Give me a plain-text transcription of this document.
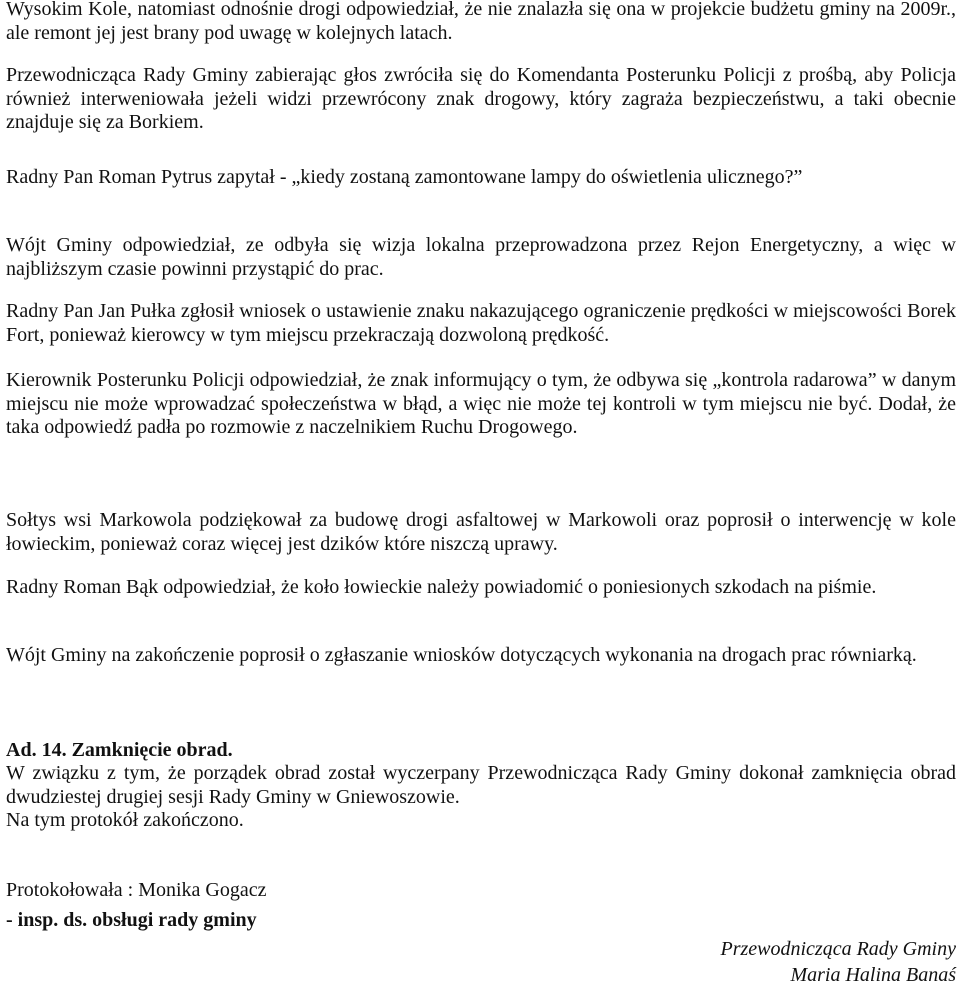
Wysokim Kole, natomiast odnośnie drogi odpowiedział, że nie znalazła się ona w projekcie budżetu gminy na 2009r., ale remont jej jest brany pod uwagę w kolejnych latach.

Przewodnicząca Rady Gminy zabierając głos zwróciła się do Komendanta Posterunku Policji z prośbą, aby Policja również interweniowała jeżeli widzi przewrócony znak drogowy, który zagraża bezpieczeństwu, a taki obecnie znajduje się za Borkiem.

Radny Pan Roman Pytrus zapytał - „kiedy zostaną zamontowane lampy do oświetlenia ulicznego?”

Wójt Gminy odpowiedział, ze odbyła się wizja lokalna przeprowadzona przez Rejon Energetyczny, a więc w najbliższym czasie powinni przystąpić do prac.

Radny Pan Jan Pułka zgłosił wniosek o ustawienie znaku nakazującego ograniczenie prędkości w miejscowości Borek Fort, ponieważ kierowcy w tym miejscu przekraczają dozwoloną prędkość.

Kierownik Posterunku Policji odpowiedział, że znak informujący o tym, że odbywa się „kontrola radarowa” w danym miejscu nie może wprowadzać społeczeństwa w błąd, a więc nie może tej kontroli w tym miejscu nie być. Dodał, że taka odpowiedź padła po rozmowie z naczelnikiem Ruchu Drogowego.

Sołtys wsi Markowola podziękował za budowę drogi asfaltowej w Markowoli oraz poprosił o interwencję w kole łowieckim, ponieważ coraz więcej jest dzików które niszczą uprawy.

Radny Roman Bąk odpowiedział, że koło łowieckie należy powiadomić o poniesionych szkodach na piśmie.

Wójt Gminy na zakończenie poprosił o zgłaszanie wniosków dotyczących wykonania na drogach prac równiarką.

Ad. 14. Zamknięcie obrad.

W związku z tym, że porządek obrad został wyczerpany Przewodnicząca Rady Gminy dokonał zamknięcia obrad dwudziestej drugiej sesji Rady Gminy w Gniewoszowie.

Na tym protokół zakończono.

Protokołowała : Monika Gogacz

- insp. ds. obsługi rady gminy

Przewodnicząca Rady Gminy
Maria Halina Banaś
